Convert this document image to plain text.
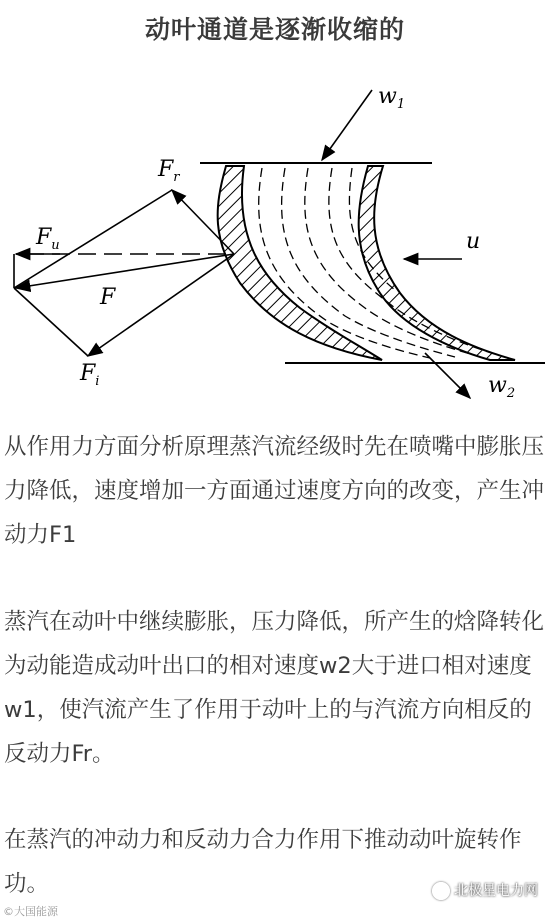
动叶通道是逐渐收缩的
$w_1$
u
$w_2$
$F_r$
$F_u$
F
$F_i$

从作用力方面分析原理蒸汽流经级时先在喷嘴中膨胀压力降低，速度增加一方面通过速度方向的改变，产生冲动力F1

蒸汽在动叶中继续膨胀，压力降低，所产生的焓降转化为动能造成动叶出口的相对速度w2大于进口相对速度w1，使汽流产生了作用于动叶上的与汽流方向相反的反动力Fr。

在蒸汽的冲动力和反动力合力作用下推动动叶旋转作功。

©大国能源
北极星电力网
